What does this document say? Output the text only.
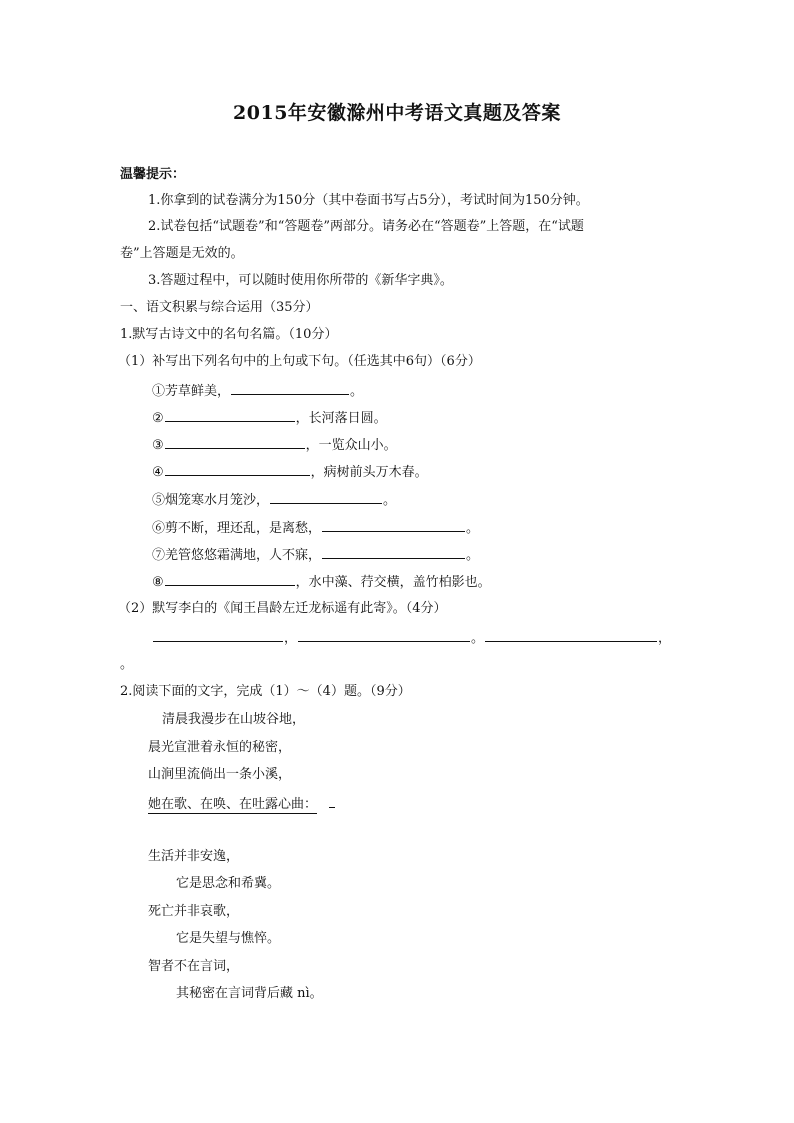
2015年安徽滁州中考语文真题及答案
温馨提示：
1.你拿到的试卷满分为150分（其中卷面书写占5分），考试时间为150分钟。
2.试卷包括“试题卷”和“答题卷”两部分。请务必在“答题卷”上答题，在“试题
卷”上答题是无效的。
3.答题过程中，可以随时使用你所带的《新华字典》。
一、语文积累与综合运用（35分）
1.默写古诗文中的名句名篇。（10分）
（1）补写出下列名句中的上句或下句。（任选其中6句）（6分）
①芳草鲜美，	。
②	，长河落日圆。
③	，一览众山小。
④	，病树前头万木春。
⑤烟笼寒水月笼沙，	。
⑥剪不断，理还乱，是离愁，	。
⑦羌管悠悠霜满地，人不寐，	。
⑧	，水中藻、荇交横，盖竹柏影也。
（2）默写李白的《闻王昌龄左迁龙标遥有此寄》。（4分）
，	。	，
。
2.阅读下面的文字，完成（1）～（4）题。（9分）
清晨我漫步在山坡谷地，
晨光宣泄着永恒的秘密，
山涧里流倘出一条小溪，
她在歌、在唤、在吐露心曲：
生活并非安逸，
它是思念和希冀。
死亡并非哀歌，
它是失望与憔悴。
智者不在言词，
其秘密在言词背后藏 nì。
